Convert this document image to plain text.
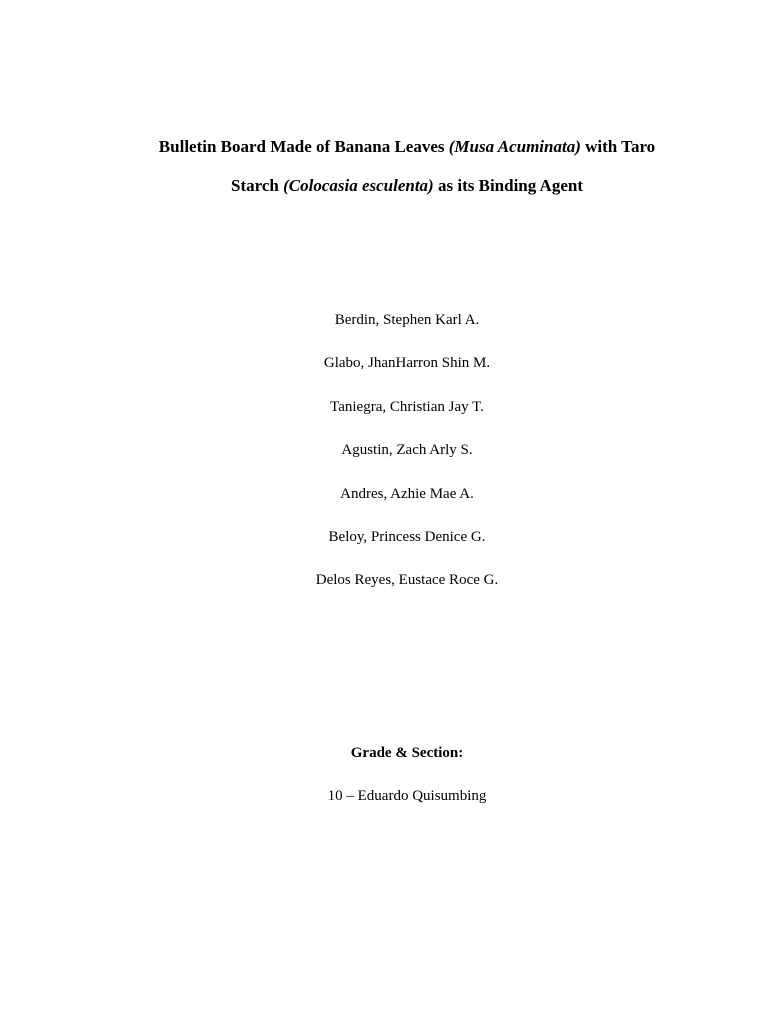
Bulletin Board Made of Banana Leaves (Musa Acuminata) with Taro
Starch (Colocasia esculenta) as its Binding Agent
Berdin, Stephen Karl A.
Glabo, JhanHarron Shin M.
Taniegra, Christian Jay T.
Agustin, Zach Arly S.
Andres, Azhie Mae A.
Beloy, Princess Denice G.
Delos Reyes, Eustace Roce G.
Grade & Section:
10 – Eduardo Quisumbing
